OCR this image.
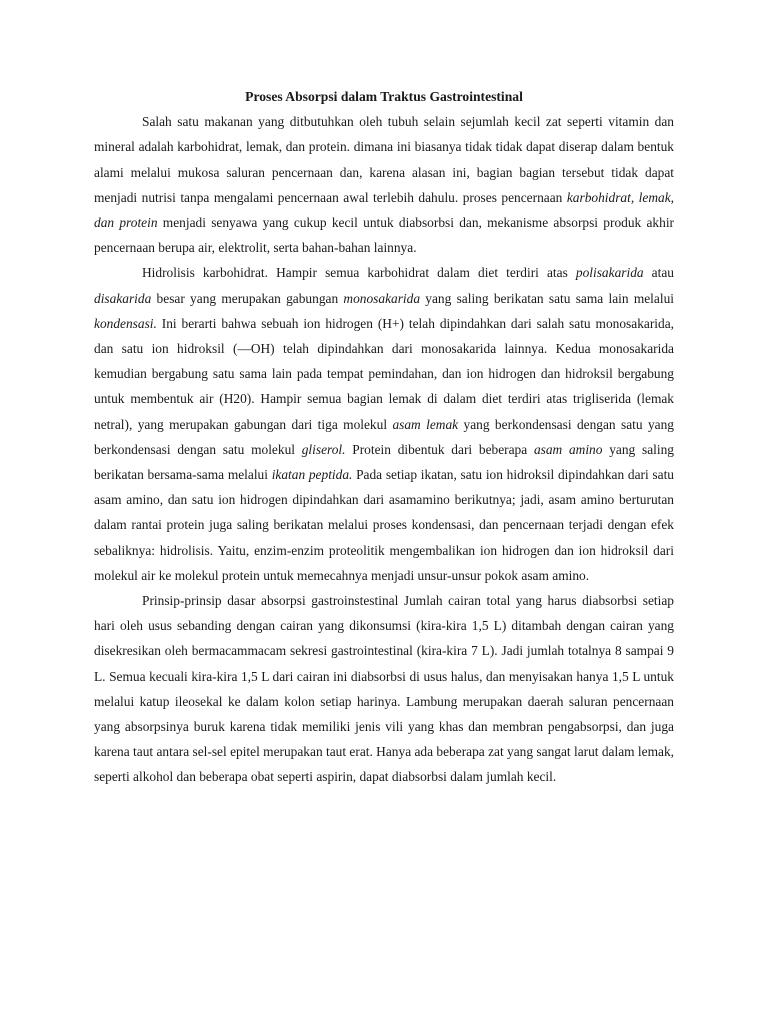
Proses Absorpsi dalam Traktus Gastrointestinal

Salah satu makanan yang ditbutuhkan oleh tubuh selain sejumlah kecil zat seperti vitamin dan mineral adalah karbohidrat, lemak, dan protein. dimana ini biasanya tidak tidak dapat diserap dalam bentuk alami melalui mukosa saluran pencernaan dan, karena alasan ini, bagian bagian tersebut tidak dapat menjadi nutrisi tanpa mengalami pencernaan awal terlebih dahulu. proses pencernaan karbohidrat, lemak, dan protein menjadi senyawa yang cukup kecil untuk diabsorbsi dan, mekanisme absorpsi produk akhir pencernaan berupa air, elektrolit, serta bahan-bahan lainnya.

Hidrolisis karbohidrat. Hampir semua karbohidrat dalam diet terdiri atas polisakarida atau disakarida besar yang merupakan gabungan monosakarida yang saling berikatan satu sama lain melalui kondensasi. Ini berarti bahwa sebuah ion hidrogen (H+) telah dipindahkan dari salah satu monosakarida, dan satu ion hidroksil (—OH) telah dipindahkan dari monosakarida lainnya. Kedua monosakarida kemudian bergabung satu sama lain pada tempat pemindahan, dan ion hidrogen dan hidroksil bergabung untuk membentuk air (H20). Hampir semua bagian lemak di dalam diet terdiri atas trigliserida (lemak netral), yang merupakan gabungan dari tiga molekul asam lemak yang berkondensasi dengan satu yang berkondensasi dengan satu molekul gliserol. Protein dibentuk dari beberapa asam amino yang saling berikatan bersama-sama melalui ikatan peptida. Pada setiap ikatan, satu ion hidroksil dipindahkan dari satu asam amino, dan satu ion hidrogen dipindahkan dari asamamino berikutnya; jadi, asam amino berturutan dalam rantai protein juga saling berikatan melalui proses kondensasi, dan pencernaan terjadi dengan efek sebaliknya: hidrolisis. Yaitu, enzim-enzim proteolitik mengembalikan ion hidrogen dan ion hidroksil dari molekul air ke molekul protein untuk memecahnya menjadi unsur-unsur pokok asam amino.

Prinsip-prinsip dasar absorpsi gastroinstestinal Jumlah cairan total yang harus diabsorbsi setiap hari oleh usus sebanding dengan cairan yang dikonsumsi (kira-kira 1,5 L) ditambah dengan cairan yang disekresikan oleh bermacammacam sekresi gastrointestinal (kira-kira 7 L). Jadi jumlah totalnya 8 sampai 9 L. Semua kecuali kira-kira 1,5 L dari cairan ini diabsorbsi di usus halus, dan menyisakan hanya 1,5 L untuk melalui katup ileosekal ke dalam kolon setiap harinya. Lambung merupakan daerah saluran pencernaan yang absorpsinya buruk karena tidak memiliki jenis vili yang khas dan membran pengabsorpsi, dan juga karena taut antara sel-sel epitel merupakan taut erat. Hanya ada beberapa zat yang sangat larut dalam lemak, seperti alkohol dan beberapa obat seperti aspirin, dapat diabsorbsi dalam jumlah kecil.
